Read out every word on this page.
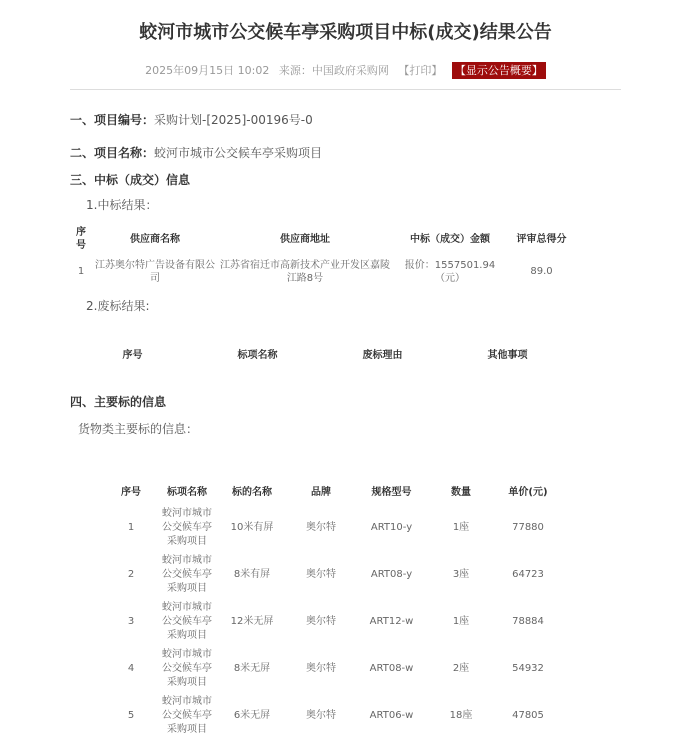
蛟河市城市公交候车亭采购项目中标(成交)结果公告
2025年09月15日 10:02 来源：中国政府采购网 【打印】 【显示公告概要】

一、项目编号：采购计划-[2025]-00196号-0

二、项目名称：蛟河市城市公交候车亭采购项目

三、中标（成交）信息

1.中标结果：

序号	供应商名称	供应商地址	中标（成交）金额	评审总得分
1	江苏奥尔特广告设备有限公司	江苏省宿迁市高新技术产业开发区嘉陵江路8号	报价：1557501.94（元）	89.0

2.废标结果:

序号	标项名称	废标理由	其他事项

四、主要标的信息

货物类主要标的信息：

序号	标项名称	标的名称	品牌	规格型号	数量	单价(元)
1	蛟河市城市公交候车亭采购项目	10米有屏	奥尔特	ART10-y	1座	77880
2	蛟河市城市公交候车亭采购项目	8米有屏	奥尔特	ART08-y	3座	64723
3	蛟河市城市公交候车亭采购项目	12米无屏	奥尔特	ART12-w	1座	78884
4	蛟河市城市公交候车亭采购项目	8米无屏	奥尔特	ART08-w	2座	54932
5	蛟河市城市公交候车亭采购项目	6米无屏	奥尔特	ART06-w	18座	47805
